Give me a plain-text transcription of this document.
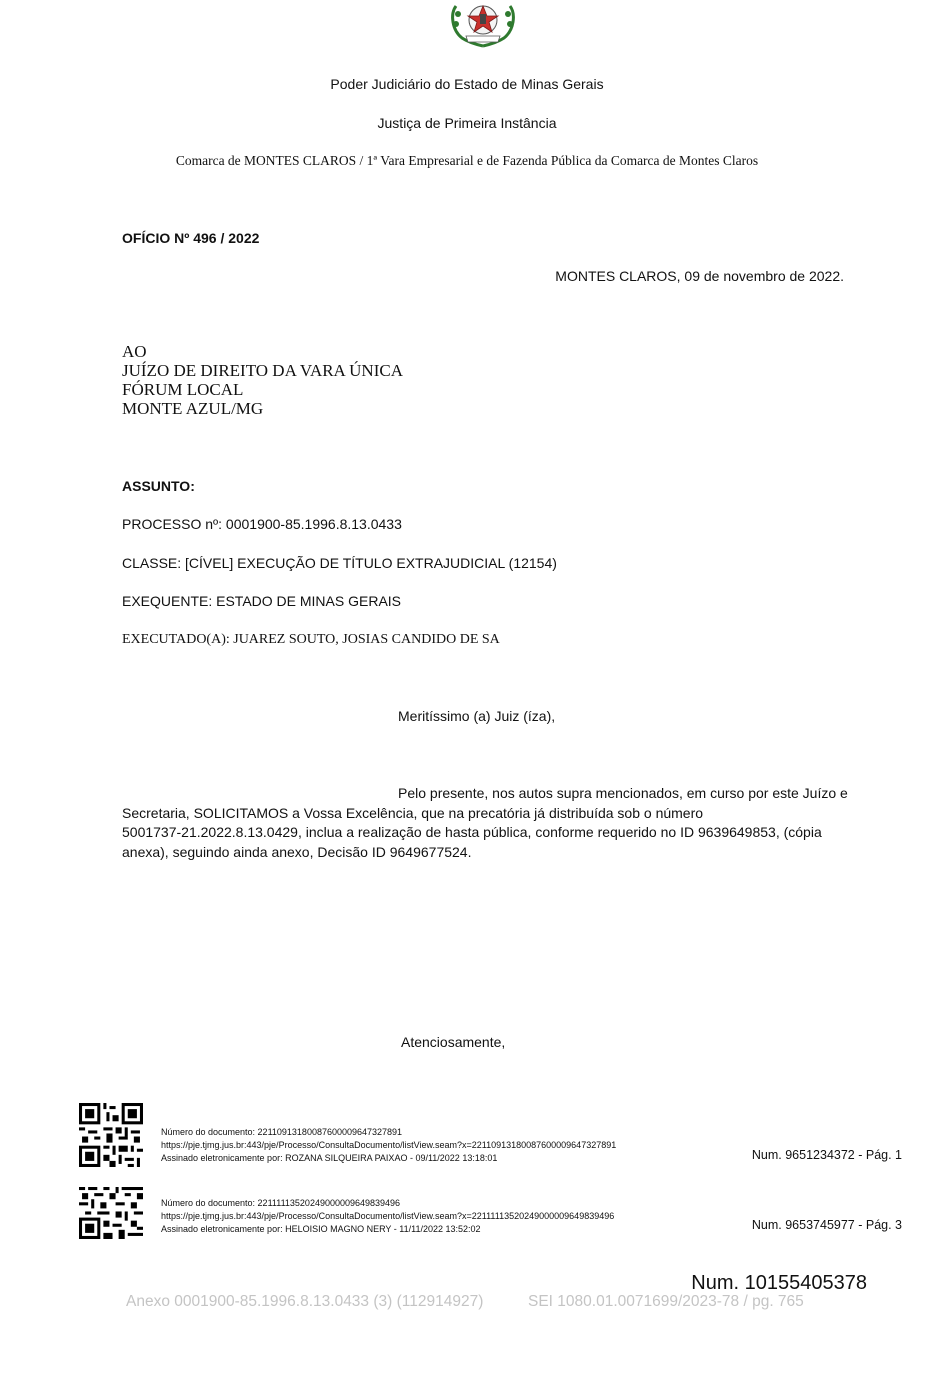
Poder Judiciário do Estado de Minas Gerais
Justiça de Primeira Instância
Comarca de MONTES CLAROS / 1ª Vara Empresarial e de Fazenda Pública da Comarca de Montes Claros
OFÍCIO Nº 496 / 2022
MONTES CLAROS, 09 de novembro de 2022.
AO
JUÍZO DE DIREITO DA VARA ÚNICA
FÓRUM LOCAL
MONTE AZUL/MG
ASSUNTO:
PROCESSO nº: 0001900-85.1996.8.13.0433
CLASSE: [CÍVEL] EXECUÇÃO DE TÍTULO EXTRAJUDICIAL (12154)
EXEQUENTE: ESTADO DE MINAS GERAIS
EXECUTADO(A): JUAREZ SOUTO, JOSIAS CANDIDO DE SA
Meritíssimo (a) Juiz (íza),
Pelo presente, nos autos supra mencionados, em curso por este Juízo e
Secretaria, SOLICITAMOS a Vossa Excelência, que na precatória já distribuída sob o número
5001737-21.2022.8.13.0429, inclua a realização de hasta pública, conforme requerido no ID 9639649853, (cópia
anexa), seguindo ainda anexo, Decisão ID 9649677524.
Atenciosamente,
Número do documento: 22110913180087600009647327891
https://pje.tjmg.jus.br:443/pje/Processo/ConsultaDocumento/listView.seam?x=22110913180087600009647327891
Assinado eletronicamente por: ROZANA SILQUEIRA PAIXAO - 09/11/2022 13:18:01	Num. 9651234372 - Pág. 1
Número do documento: 22111113520249000009649839496
https://pje.tjmg.jus.br:443/pje/Processo/ConsultaDocumento/listView.seam?x=22111113520249000009649839496
Assinado eletronicamente por: HELOISIO MAGNO NERY - 11/11/2022 13:52:02	Num. 9653745977 - Pág. 3
Num. 10155405378
Anexo 0001900-85.1996.8.13.0433 (3) (112914927)	SEI 1080.01.0071699/2023-78 / pg. 765
